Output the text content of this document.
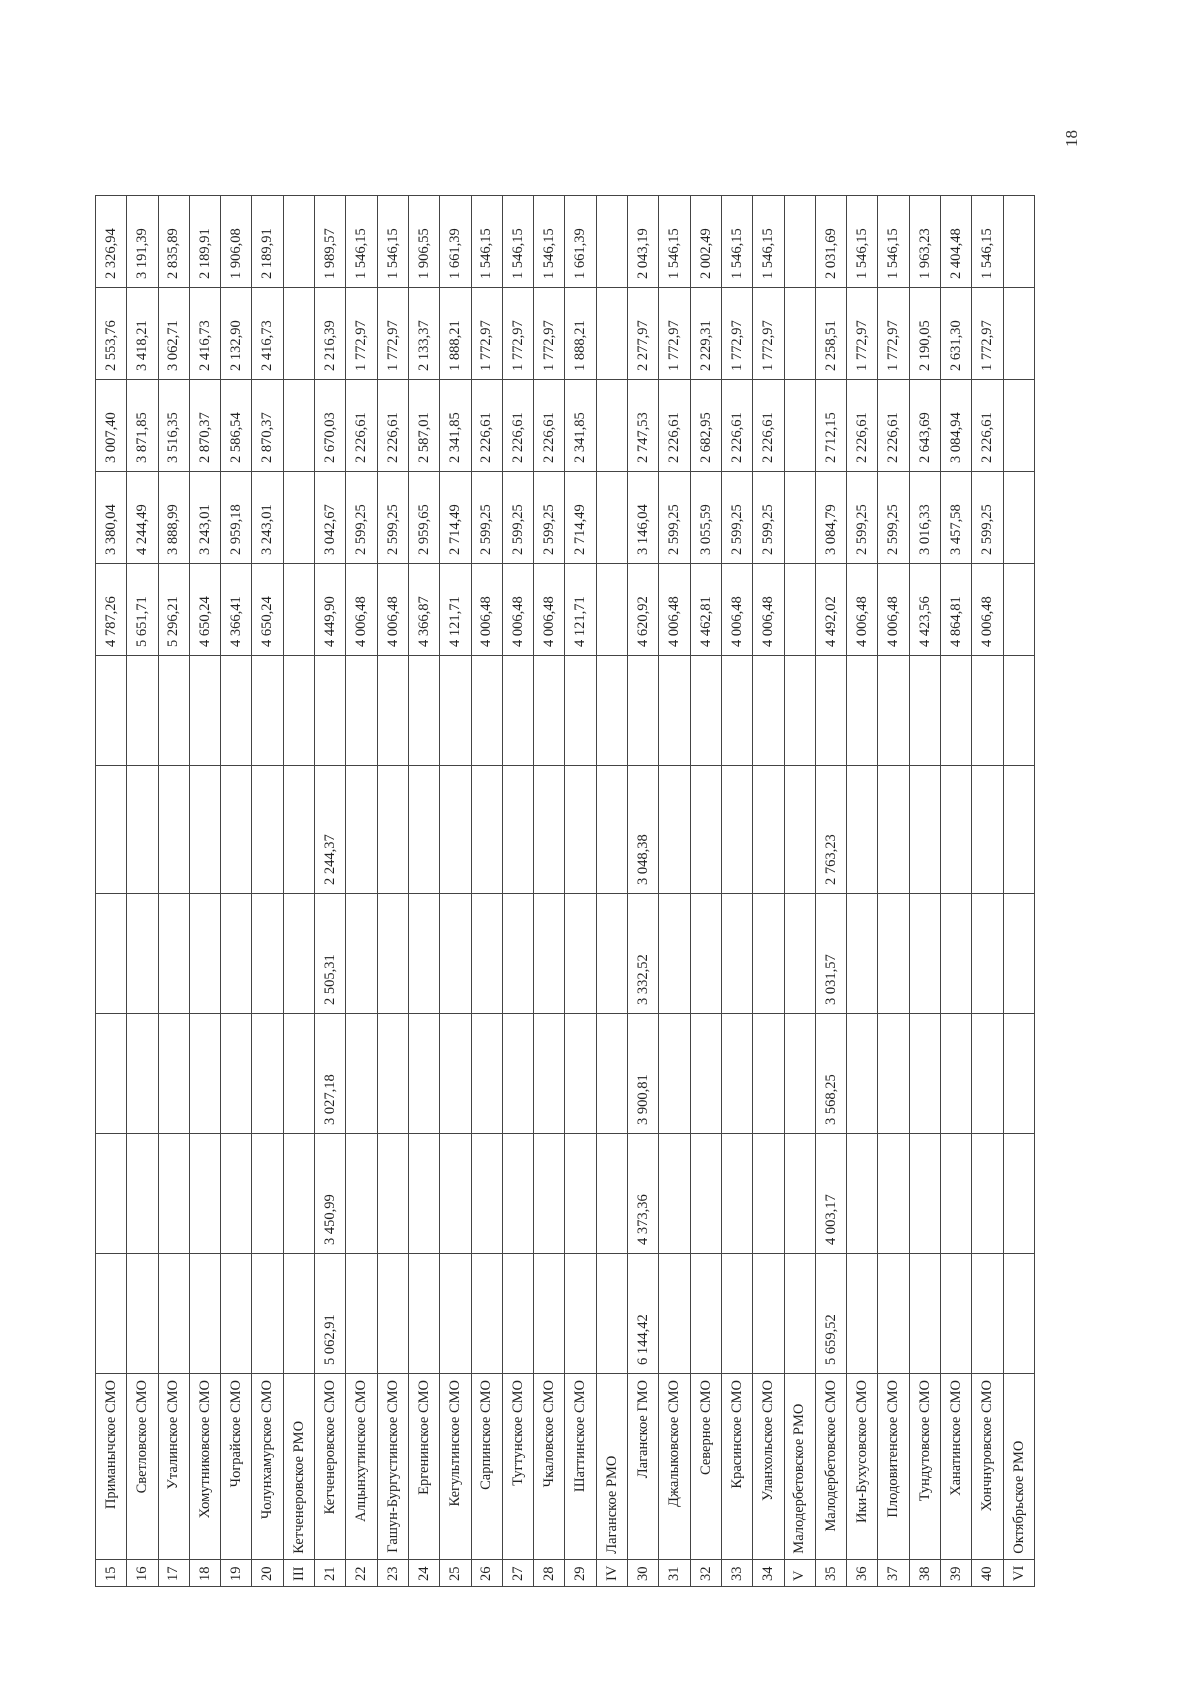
15	Приманычское СМО							4 787,26	3 380,04	3 007,40	2 553,76	2 326,94
16	Светловское СМО							5 651,71	4 244,49	3 871,85	3 418,21	3 191,39
17	Уталинское СМО							5 296,21	3 888,99	3 516,35	3 062,71	2 835,89
18	Хомутниковское СМО							4 650,24	3 243,01	2 870,37	2 416,73	2 189,91
19	Чограйское СМО							4 366,41	2 959,18	2 586,54	2 132,90	1 906,08
20	Чолунхамурское СМО							4 650,24	3 243,01	2 870,37	2 416,73	2 189,91
III	Кетченеровское РМО											
21	Кетченеровское СМО	5 062,91	3 450,99	3 027,18	2 505,31	2 244,37		4 449,90	3 042,67	2 670,03	2 216,39	1 989,57
22	Алцынхутинское СМО							4 006,48	2 599,25	2 226,61	1 772,97	1 546,15
23	Гашун-Бургустинское СМО							4 006,48	2 599,25	2 226,61	1 772,97	1 546,15
24	Ергенинское СМО							4 366,87	2 959,65	2 587,01	2 133,37	1 906,55
25	Кегультинское СМО							4 121,71	2 714,49	2 341,85	1 888,21	1 661,39
26	Сарпинское СМО							4 006,48	2 599,25	2 226,61	1 772,97	1 546,15
27	Тугтунское СМО							4 006,48	2 599,25	2 226,61	1 772,97	1 546,15
28	Чкаловское СМО							4 006,48	2 599,25	2 226,61	1 772,97	1 546,15
29	Шаттинское СМО							4 121,71	2 714,49	2 341,85	1 888,21	1 661,39
IV	Лаганское РМО											
30	Лаганское ГМО	6 144,42	4 373,36	3 900,81	3 332,52	3 048,38		4 620,92	3 146,04	2 747,53	2 277,97	2 043,19
31	Джалыковское СМО							4 006,48	2 599,25	2 226,61	1 772,97	1 546,15
32	Северное СМО							4 462,81	3 055,59	2 682,95	2 229,31	2 002,49
33	Красинское СМО							4 006,48	2 599,25	2 226,61	1 772,97	1 546,15
34	Уланхольское СМО							4 006,48	2 599,25	2 226,61	1 772,97	1 546,15
V	Малодербетовское РМО											
35	Малодербетовское СМО	5 659,52	4 003,17	3 568,25	3 031,57	2 763,23		4 492,02	3 084,79	2 712,15	2 258,51	2 031,69
36	Ики-Бухусовское СМО							4 006,48	2 599,25	2 226,61	1 772,97	1 546,15
37	Плодовитенское СМО							4 006,48	2 599,25	2 226,61	1 772,97	1 546,15
38	Тундутовское СМО							4 423,56	3 016,33	2 643,69	2 190,05	1 963,23
39	Ханатинское СМО							4 864,81	3 457,58	3 084,94	2 631,30	2 404,48
40	Хончнуровское СМО							4 006,48	2 599,25	2 226,61	1 772,97	1 546,15
VI	Октябрьское РМО											
18
